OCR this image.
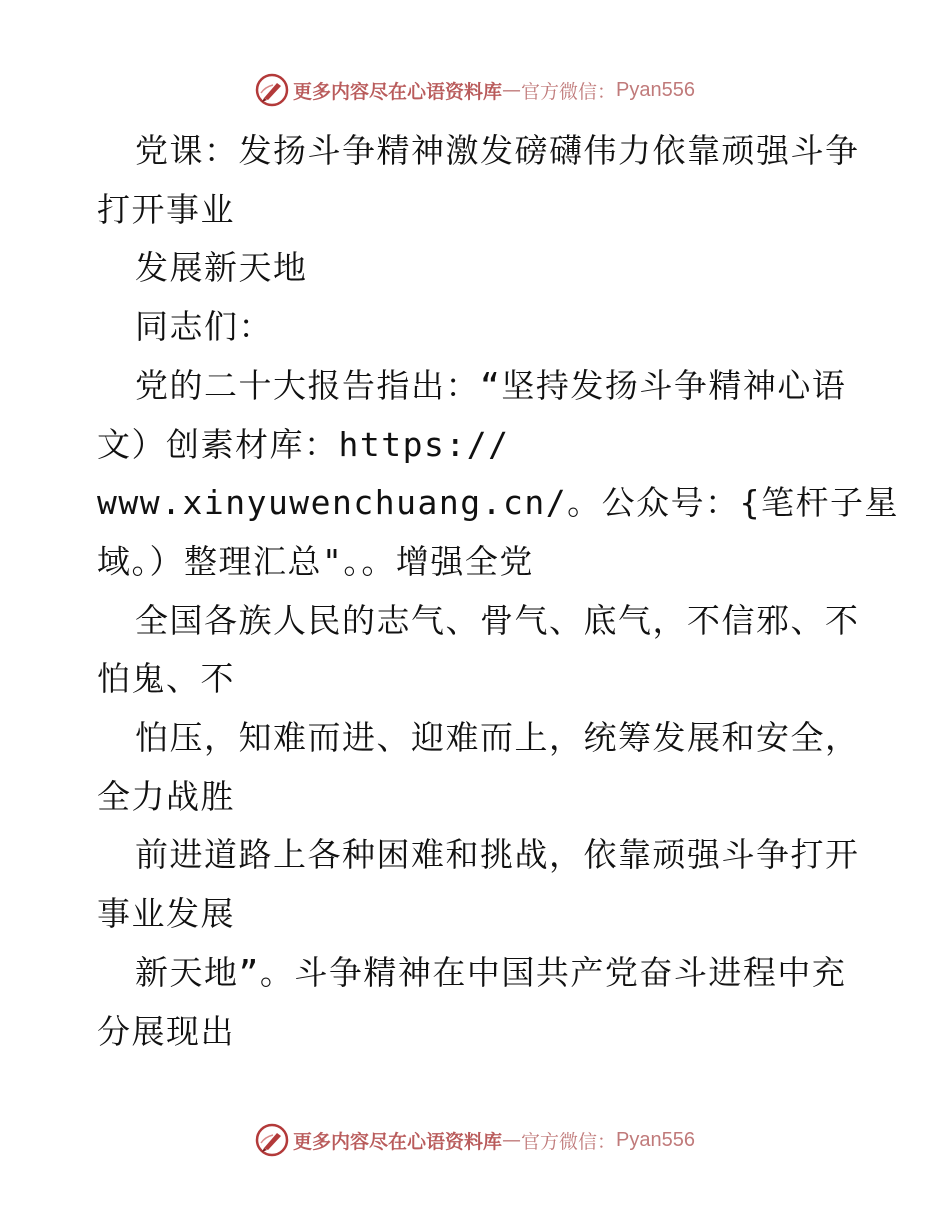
更多内容尽在心语资料库 — 官方微信： Pyan556

党课：发扬斗争精神激发磅礴伟力依靠顽强斗争

打开事业

发展新天地

同志们：

党的二十大报告指出：“坚持发扬斗争精神心语

文）创素材库：https://

www.xinyuwenchuang.cn/。公众号：{笔杆子星

域。）整理汇总"。。增强全党

全国各族人民的志气、骨气、底气，不信邪、不

怕鬼、不

怕压，知难而进、迎难而上，统筹发展和安全，

全力战胜

前进道路上各种困难和挑战，依靠顽强斗争打开

事业发展

新天地”。斗争精神在中国共产党奋斗进程中充

分展现出

更多内容尽在心语资料库 — 官方微信： Pyan556
